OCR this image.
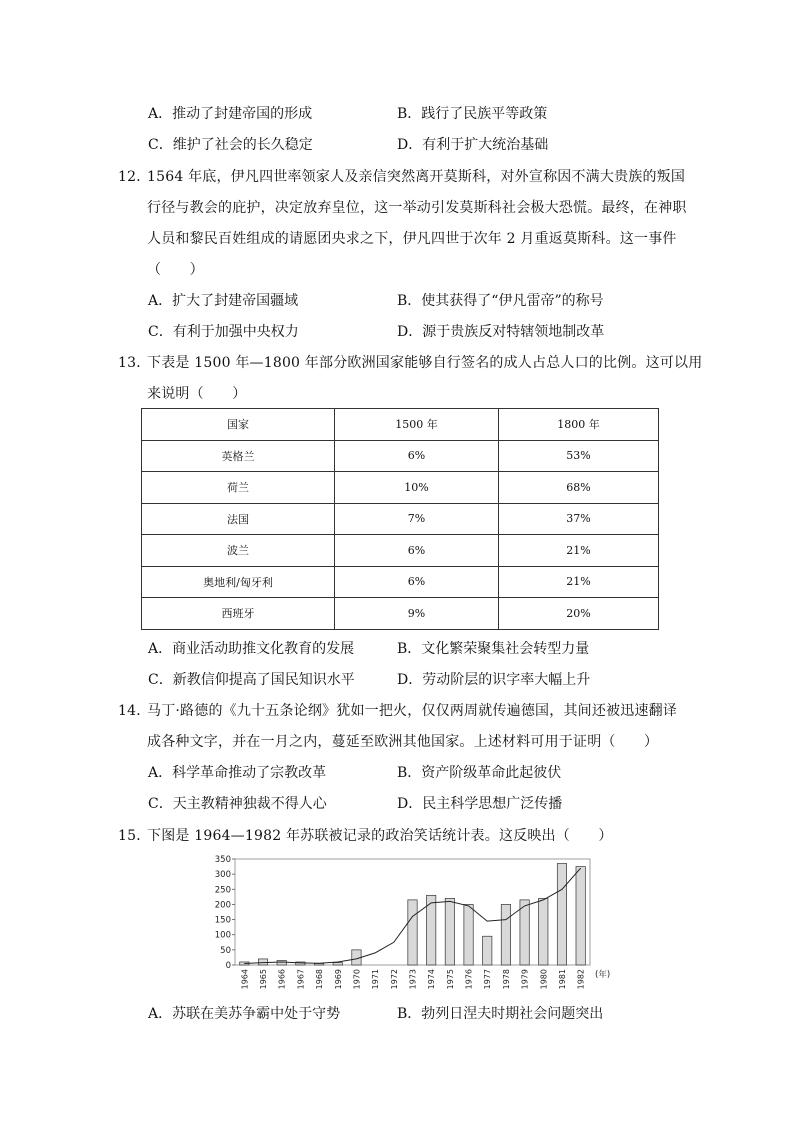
A．推动了封建帝国的形成	B．践行了民族平等政策
C．维护了社会的长久稳定	D．有利于扩大统治基础
12．
1564 年底，伊凡四世率领家人及亲信突然离开莫斯科，对外宣称因不满大贵族的叛国
行径与教会的庇护，决定放弃皇位，这一举动引发莫斯科社会极大恐慌。最终，在神职
人员和黎民百姓组成的请愿团央求之下，伊凡四世于次年 2 月重返莫斯科。这一事件
（　　）
A．扩大了封建帝国疆域	B．使其获得了“伊凡雷帝”的称号
C．有利于加强中央权力	D．源于贵族反对特辖领地制改革
13．
下表是 1500 年—1800 年部分欧洲国家能够自行签名的成人占总人口的比例。这可以用
来说明（　　）
国家	1500 年	1800 年
英格兰	6%	53%
荷兰	10%	68%
法国	7%	37%
波兰	6%	21%
奥地利/匈牙利	6%	21%
西班牙	9%	20%
A．商业活动助推文化教育的发展	B．文化繁荣聚集社会转型力量
C．新教信仰提高了国民知识水平	D．劳动阶层的识字率大幅上升
14．
马丁·路德的《九十五条论纲》犹如一把火，仅仅两周就传遍德国，其间还被迅速翻译
成各种文字，并在一月之内，蔓延至欧洲其他国家。上述材料可用于证明（　　）
A．科学革命推动了宗教改革	B．资产阶级革命此起彼伏
C．天主教精神独裁不得人心	D．民主科学思想广泛传播
15．
下图是 1964—1982 年苏联被记录的政治笑话统计表。这反映出（　　）
0
50
100
150
200
250
300
350
1964 1965 1966 1967 1968 1969 1970 1971 1972 1973 1974 1975 1976 1977 1978 1979 1980 1981 1982 (年)
A．苏联在美苏争霸中处于守势	B．勃列日涅夫时期社会问题突出
